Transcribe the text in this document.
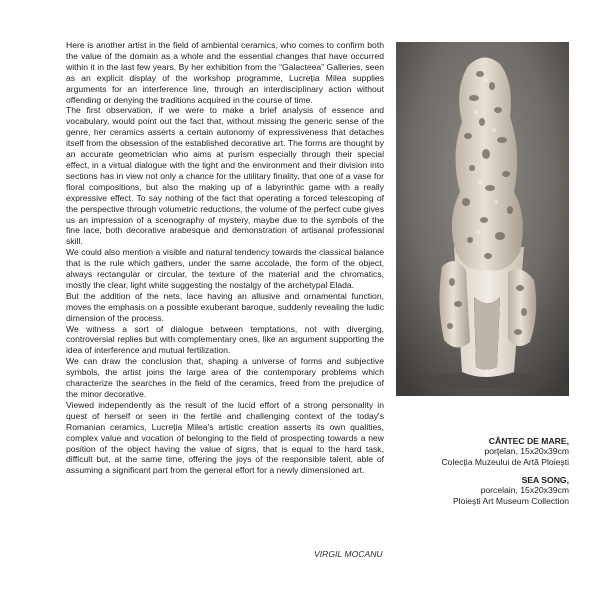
Here is another artist in the field of ambiental ceramics, who comes to confirm both the value of the domain as a whole and the essential changes that have occurred within it in the last few years. By her exhibition from the “Galacteea” Galleries, seen as an explicit display of the workshop programme, Lucreția Milea supplies arguments for an interference line, through an interdisciplinary action without offending or denying the traditions acquired in the course of time.

The first observation, if we were to make a brief analysis of essence and vocabulary, would point out the fact that, without missing the generic sense of the genre, her ceramics asserts a certain autonomy of expressiveness that detaches itself from the obsession of the established decorative art. The forms are thought by an accurate geometrician who aims at purism especially through their special effect, in a virtual dialogue with the light and the environment and their division into sections has in view not only a chance for the utilitary finality, that one of a vase for floral compositions, but also the making up of a labyrinthic game with a really expressive effect. To say nothing of the fact that operating a forced telescoping of the perspective through volumetric reductions, the volume of the perfect cube gives us an impression of a scenography of mystery, maybe due to the symbols of the fine lace, both decorative arabesque and demonstration of artisanal professional skill.

We could also mention a visible and natural tendency towards the classical balance that is the rule which gathers, under the same accolade, the form of the object, always rectangular or circular, the texture of the material and the chromatics, mostly the clear, light white suggesting the nostalgy of the archetypal Elada.

But the addition of the nets, lace having an allusive and ornamental function, moves the emphasis on a possible exuberant baroque, suddenly revealing the ludic dimension of the process.

We witness a sort of dialogue between temptations, not with diverging, controversial replies but with complementary ones, like an argument supporting the idea of interference and mutual fertilization.

We can draw the conclusion that, shaping a universe of forms and subjective symbols, the artist joins the large area of the contemporary problems which characterize the searches in the field of the ceramics, freed from the prejudice of the minor decorative.

Viewed independently as the result of the lucid effort of a strong personality in quest of herself or seen in the fertile and challenging context of the today's Romanian ceramics, Lucreția Milea's artistic creation asserts its own qualities, complex value and vocation of belonging to the field of prospecting towards a new position of the object having the value of signs, that is equal to the hard task, difficult but, at the same time, offering the joys of the responsible talent, able of assuming a significant part from the general effort for a newly dimensioned art.

VIRGIL MOCANU
CÂNTEC DE MARE,
porțelan, 15x20x39cm
Colecția Muzeului de Artă Ploiești
SEA SONG,
porcelain, 15x20x39cm
Ploiești Art Museum Collection
